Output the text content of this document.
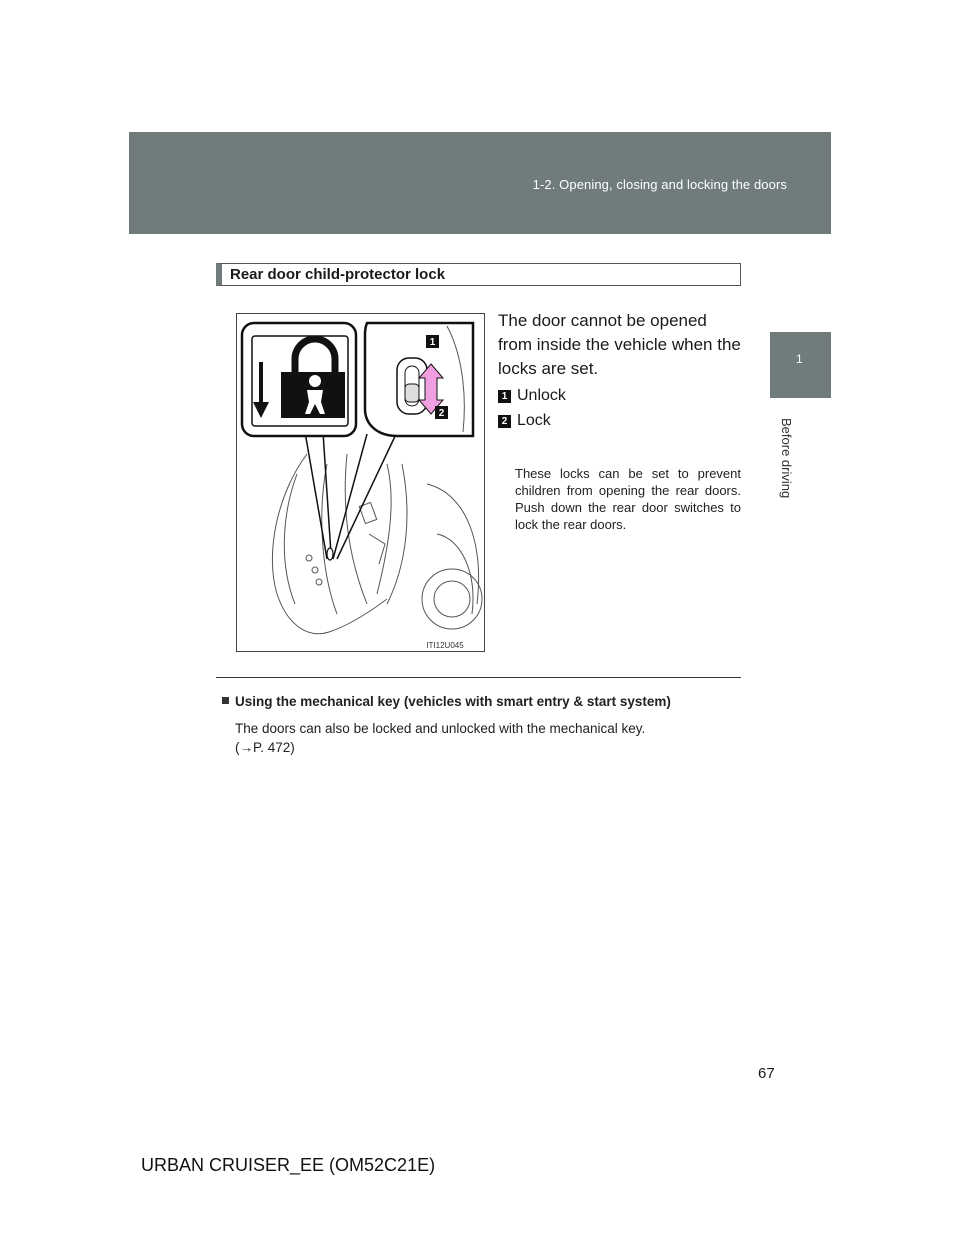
1-2. Opening, closing and locking the doors
1
Before driving
Rear door child-protector lock
1
2
ITI12U045
The door cannot be opened from inside the vehicle when the locks are set.
1 Unlock
2 Lock
These locks can be set to prevent children from opening the rear doors. Push down the rear door switches to lock the rear doors.
Using the mechanical key (vehicles with smart entry & start system)
The doors can also be locked and unlocked with the mechanical key.
(→P. 472)
67
URBAN CRUISER_EE (OM52C21E)
